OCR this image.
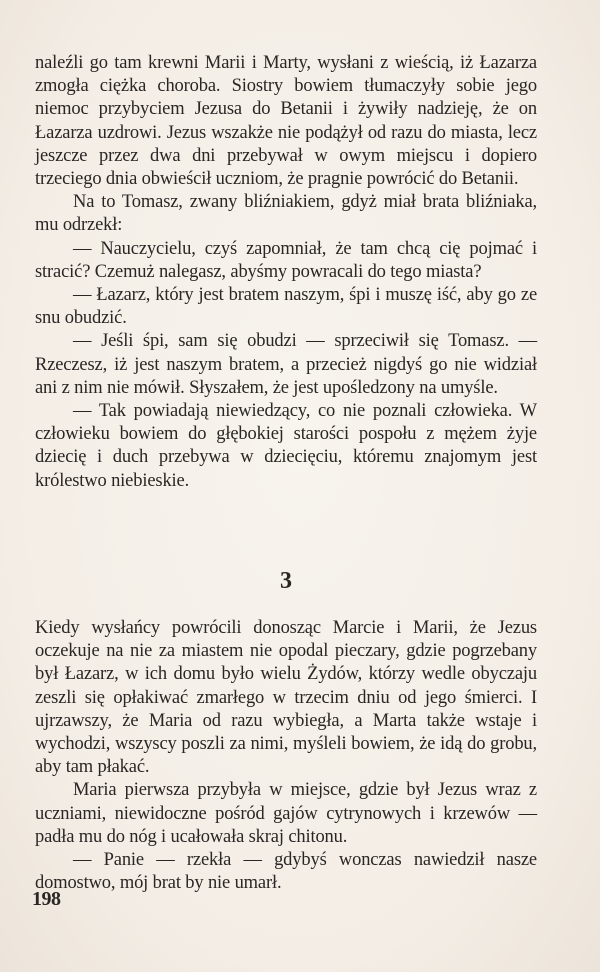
naleźli go tam krewni Marii i Marty, wysłani z wieścią, iż Łazarza zmogła ciężka choroba. Siostry bowiem tłumaczyły sobie jego niemoc przybyciem Jezusa do Betanii i żywiły nadzieję, że on Łazarza uzdrowi. Jezus wszakże nie podążył od razu do miasta, lecz jeszcze przez dwa dni przebywał w owym miejscu i dopiero trzeciego dnia obwieścił uczniom, że pragnie powrócić do Betanii.

Na to Tomasz, zwany bliźniakiem, gdyż miał brata bliźniaka, mu odrzekł:

— Nauczycielu, czyś zapomniał, że tam chcą cię pojmać i stracić? Czemuż nalegasz, abyśmy powracali do tego miasta?

— Łazarz, który jest bratem naszym, śpi i muszę iść, aby go ze snu obudzić.

— Jeśli śpi, sam się obudzi — sprzeciwił się Tomasz. — Rzeczesz, iż jest naszym bratem, a przecież nigdyś go nie widział ani z nim nie mówił. Słyszałem, że jest upośledzony na umyśle.

— Tak powiadają niewiedzący, co nie poznali człowieka. W człowieku bowiem do głębokiej starości pospołu z mężem żyje dziecię i duch przebywa w dziecięciu, któremu znajomym jest królestwo niebieskie.

3

Kiedy wysłańcy powrócili donosząc Marcie i Marii, że Jezus oczekuje na nie za miastem nie opodal pieczary, gdzie pogrzebany był Łazarz, w ich domu było wielu Żydów, którzy wedle obyczaju zeszli się opłakiwać zmarłego w trzecim dniu od jego śmierci. I ujrzawszy, że Maria od razu wybiegła, a Marta także wstaje i wychodzi, wszyscy poszli za nimi, myśleli bowiem, że idą do grobu, aby tam płakać.

Maria pierwsza przybyła w miejsce, gdzie był Jezus wraz z uczniami, niewidoczne pośród gajów cytrynowych i krzewów — padła mu do nóg i ucałowała skraj chitonu.

— Panie — rzekła — gdybyś wonczas nawiedził nasze domostwo, mój brat by nie umarł.

198
